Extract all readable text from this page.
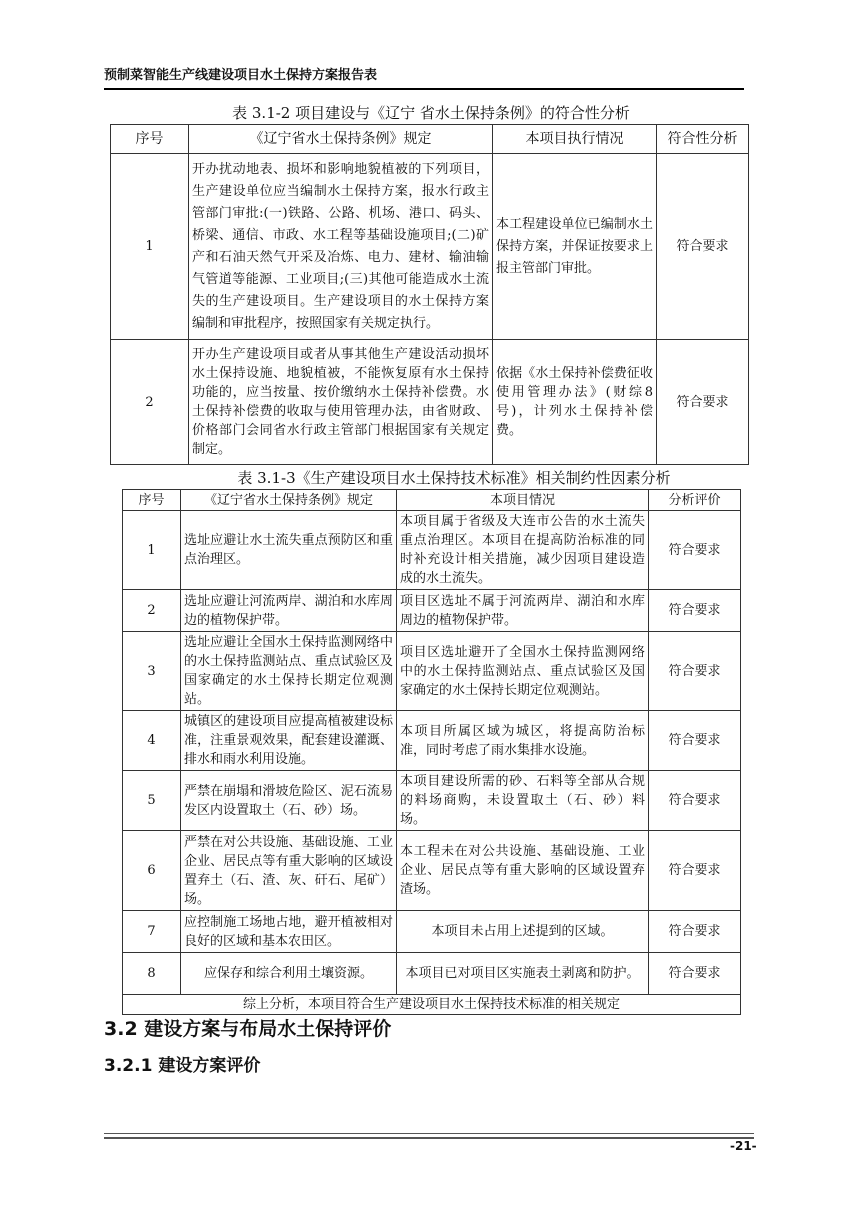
预制菜智能生产线建设项目水土保持方案报告表
表 3.1-2 项目建设与《辽宁 省水土保持条例》的符合性分析
序号	《辽宁省水土保持条例》规定	本项目执行情况	符合性分析
1	开办扰动地表、损坏和影响地貌植被的下列项目，生产建设单位应当编制水土保持方案，报水行政主管部门审批:(一)铁路、公路、机场、港口、码头、桥梁、通信、市政、水工程等基础设施项目;(二)矿产和石油天然气开采及冶炼、电力、建材、输油输气管道等能源、工业项目;(三)其他可能造成水土流失的生产建设项目。生产建设项目的水土保持方案编制和审批程序，按照国家有关规定执行。	本工程建设单位已编制水土保持方案，并保证按要求上报主管部门审批。	符合要求
2	开办生产建设项目或者从事其他生产建设活动损坏水土保持设施、地貌植被，不能恢复原有水土保持功能的，应当按量、按价缴纳水土保持补偿费。水土保持补偿费的收取与使用管理办法，由省财政、价格部门会同省水行政主管部门根据国家有关规定制定。	依据《水土保持补偿费征收使用管理办法》(财综8号)，计列水土保持补偿费。	符合要求
表 3.1-3《生产建设项目水土保持技术标准》相关制约性因素分析
序号	《辽宁省水土保持条例》规定	本项目情况	分析评价
1	选址应避让水土流失重点预防区和重点治理区。	本项目属于省级及大连市公告的水土流失重点治理区。本项目在提高防治标准的同时补充设计相关措施，减少因项目建设造成的水土流失。	符合要求
2	选址应避让河流两岸、湖泊和水库周边的植物保护带。	项目区选址不属于河流两岸、湖泊和水库周边的植物保护带。	符合要求
3	选址应避让全国水土保持监测网络中的水土保持监测站点、重点试验区及国家确定的水土保持长期定位观测站。	项目区选址避开了全国水土保持监测网络中的水土保持监测站点、重点试验区及国家确定的水土保持长期定位观测站。	符合要求
4	城镇区的建设项目应提高植被建设标准，注重景观效果，配套建设灌溉、排水和雨水利用设施。	本项目所属区域为城区，将提高防治标准，同时考虑了雨水集排水设施。	符合要求
5	严禁在崩塌和滑坡危险区、泥石流易发区内设置取土（石、砂）场。	本项目建设所需的砂、石料等全部从合规的料场商购，未设置取土（石、砂）料场。	符合要求
6	严禁在对公共设施、基础设施、工业企业、居民点等有重大影响的区域设置弃土（石、渣、灰、矸石、尾矿）场。	本工程未在对公共设施、基础设施、工业企业、居民点等有重大影响的区域设置弃渣场。	符合要求
7	应控制施工场地占地，避开植被相对良好的区域和基本农田区。	本项目未占用上述提到的区域。	符合要求
8	应保存和综合利用土壤资源。	本项目已对项目区实施表土剥离和防护。	符合要求
综上分析，本项目符合生产建设项目水土保持技术标准的相关规定			
3.2 建设方案与布局水土保持评价
3.2.1 建设方案评价
-21-
